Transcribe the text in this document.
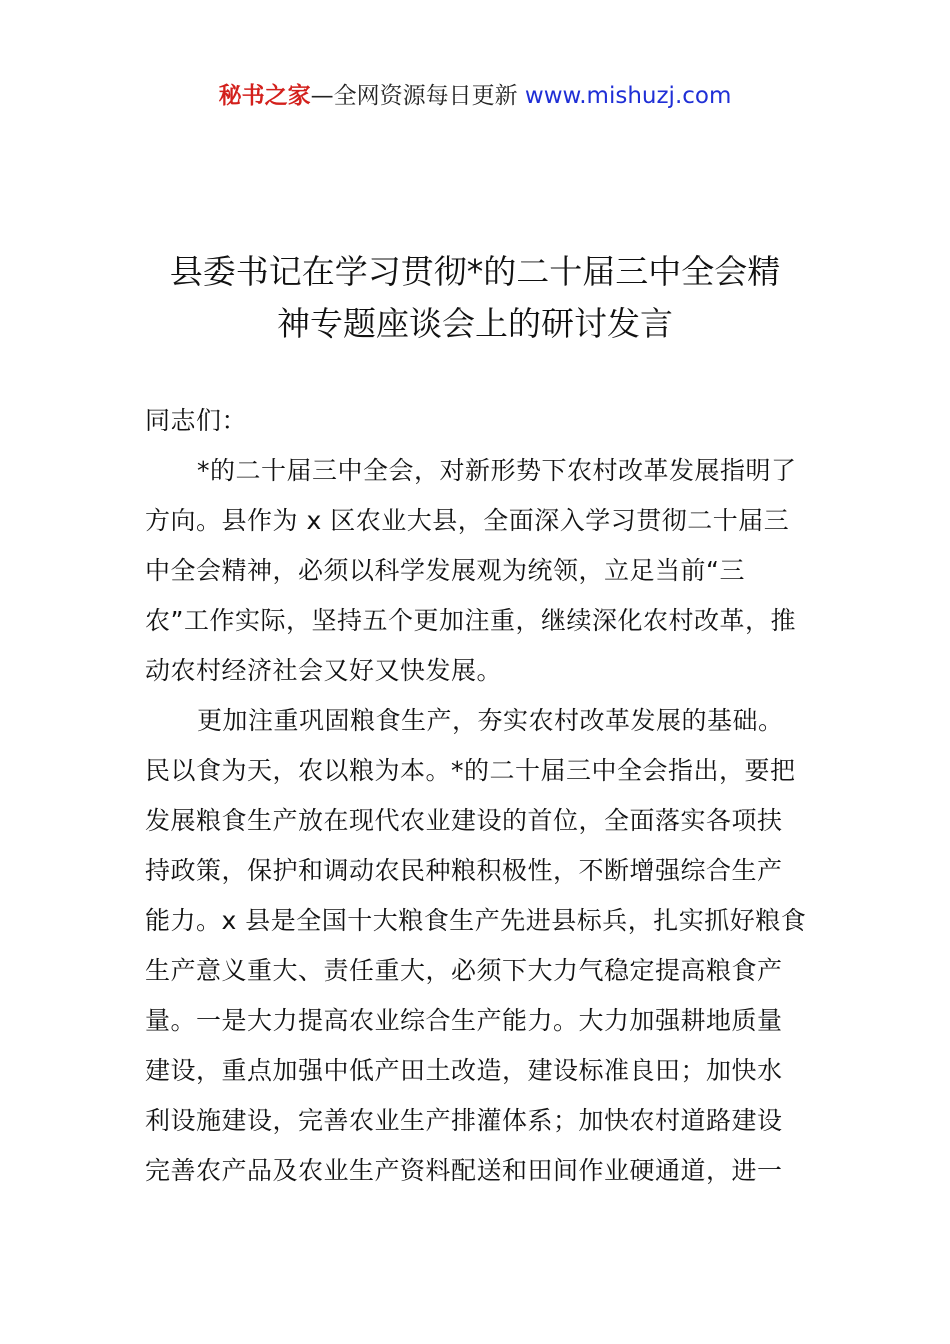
秘书之家—全网资源每日更新 www.mishuzj.com
县委书记在学习贯彻*的二十届三中全会精
神专题座谈会上的研讨发言

同志们：

*的二十届三中全会，对新形势下农村改革发展指明了方向。县作为 x 区农业大县，全面深入学习贯彻二十届三中全会精神，必须以科学发展观为统领，立足当前“三农”工作实际，坚持五个更加注重，继续深化农村改革，推动农村经济社会又好又快发展。

更加注重巩固粮食生产，夯实农村改革发展的基础。民以食为天，农以粮为本。*的二十届三中全会指出，要把发展粮食生产放在现代农业建设的首位，全面落实各项扶持政策，保护和调动农民种粮积极性，不断增强综合生产能力。x 县是全国十大粮食生产先进县标兵，扎实抓好粮食生产意义重大、责任重大，必须下大力气稳定提高粮食产量。一是大力提高农业综合生产能力。大力加强耕地质量建设，重点加强中低产田土改造，建设标准良田；加快水利设施建设，完善农业生产排灌体系；加快农村道路建设完善农产品及农业生产资料配送和田间作业硬通道，进一
